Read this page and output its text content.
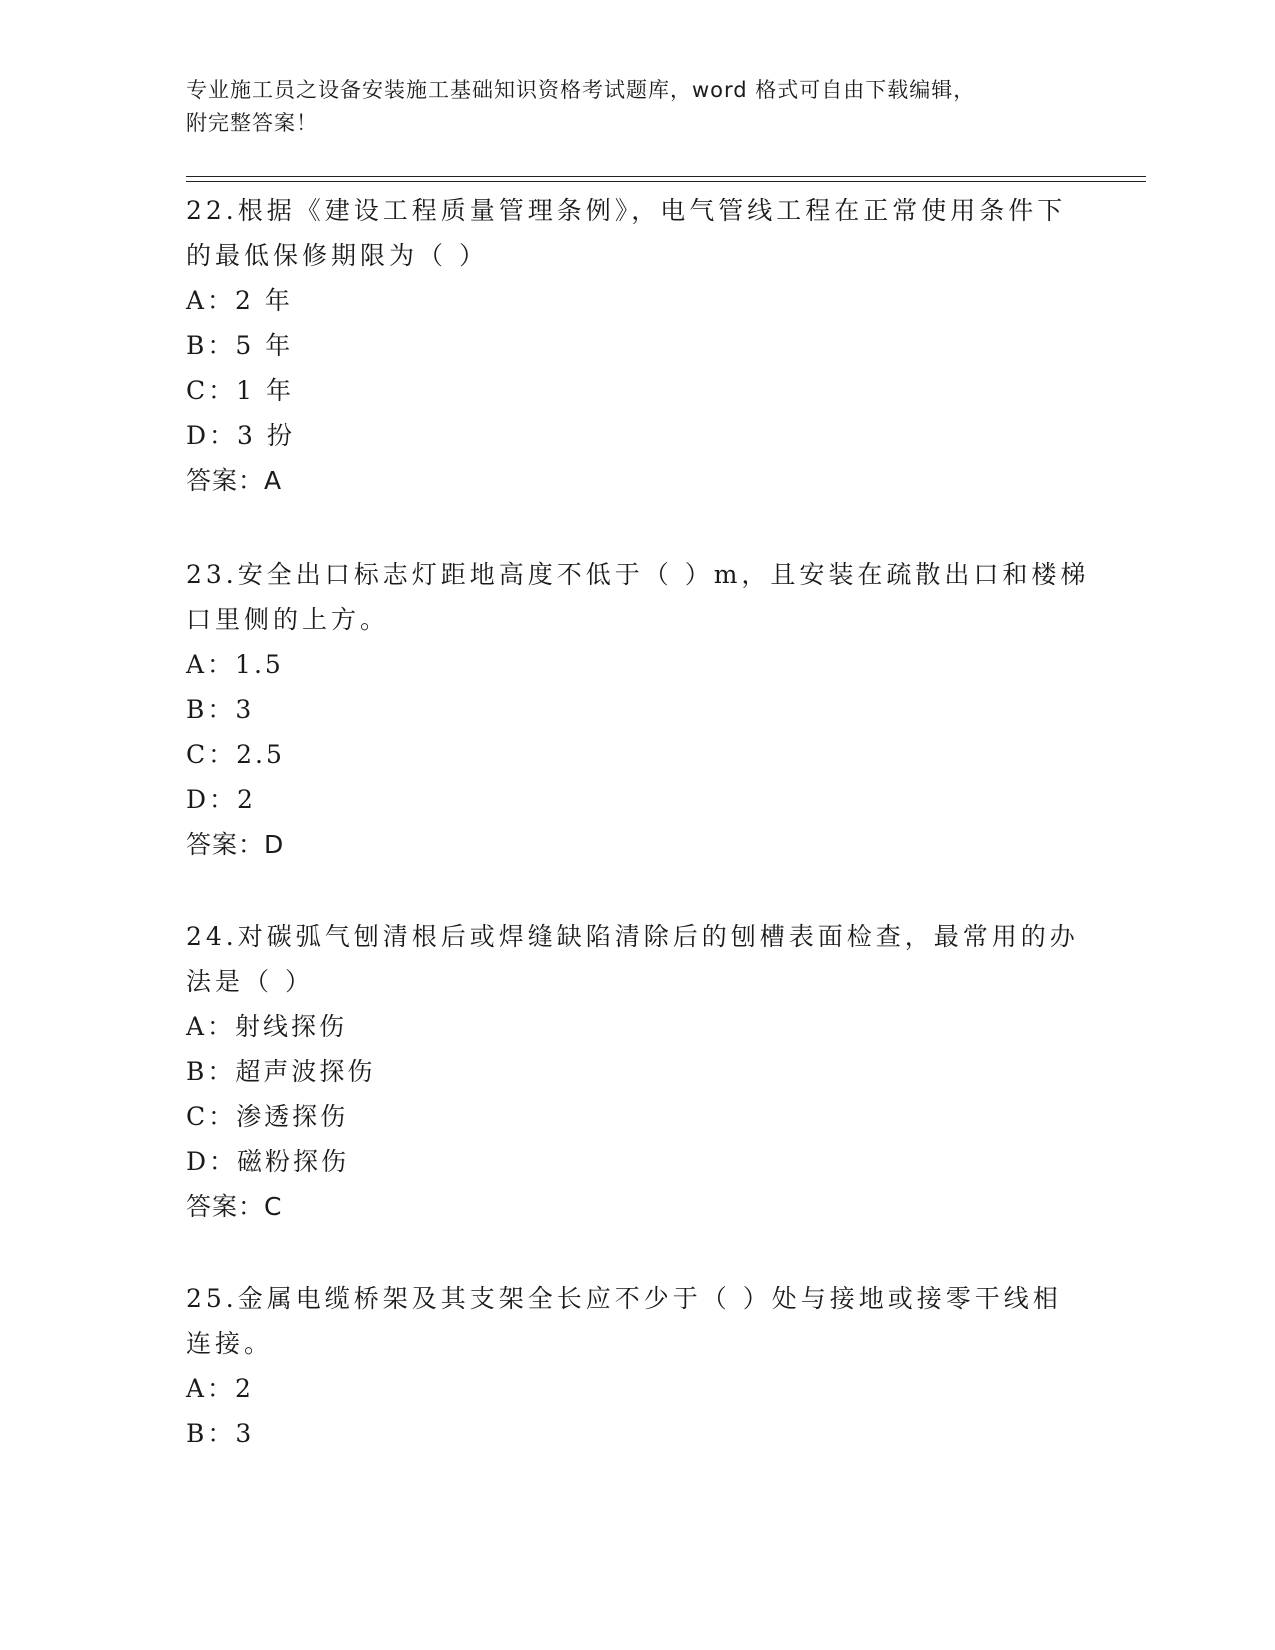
专业施工员之设备安装施工基础知识资格考试题库，word 格式可自由下载编辑，
附完整答案！
22.根据《建设工程质量管理条例》，电气管线工程在正常使用条件下
的最低保修期限为（ ）
A：2 年
B：5 年
C：1 年
D：3 扮
答案：A
23.安全出口标志灯距地高度不低于（ ）m，且安装在疏散出口和楼梯
口里侧的上方。
A：1.5
B：3
C：2.5
D：2
答案：D
24.对碳弧气刨清根后或焊缝缺陷清除后的刨槽表面检查，最常用的办
法是（ ）
A：射线探伤
B：超声波探伤
C：渗透探伤
D：磁粉探伤
答案：C
25.金属电缆桥架及其支架全长应不少于（ ）处与接地或接零干线相
连接。
A：2
B：3
